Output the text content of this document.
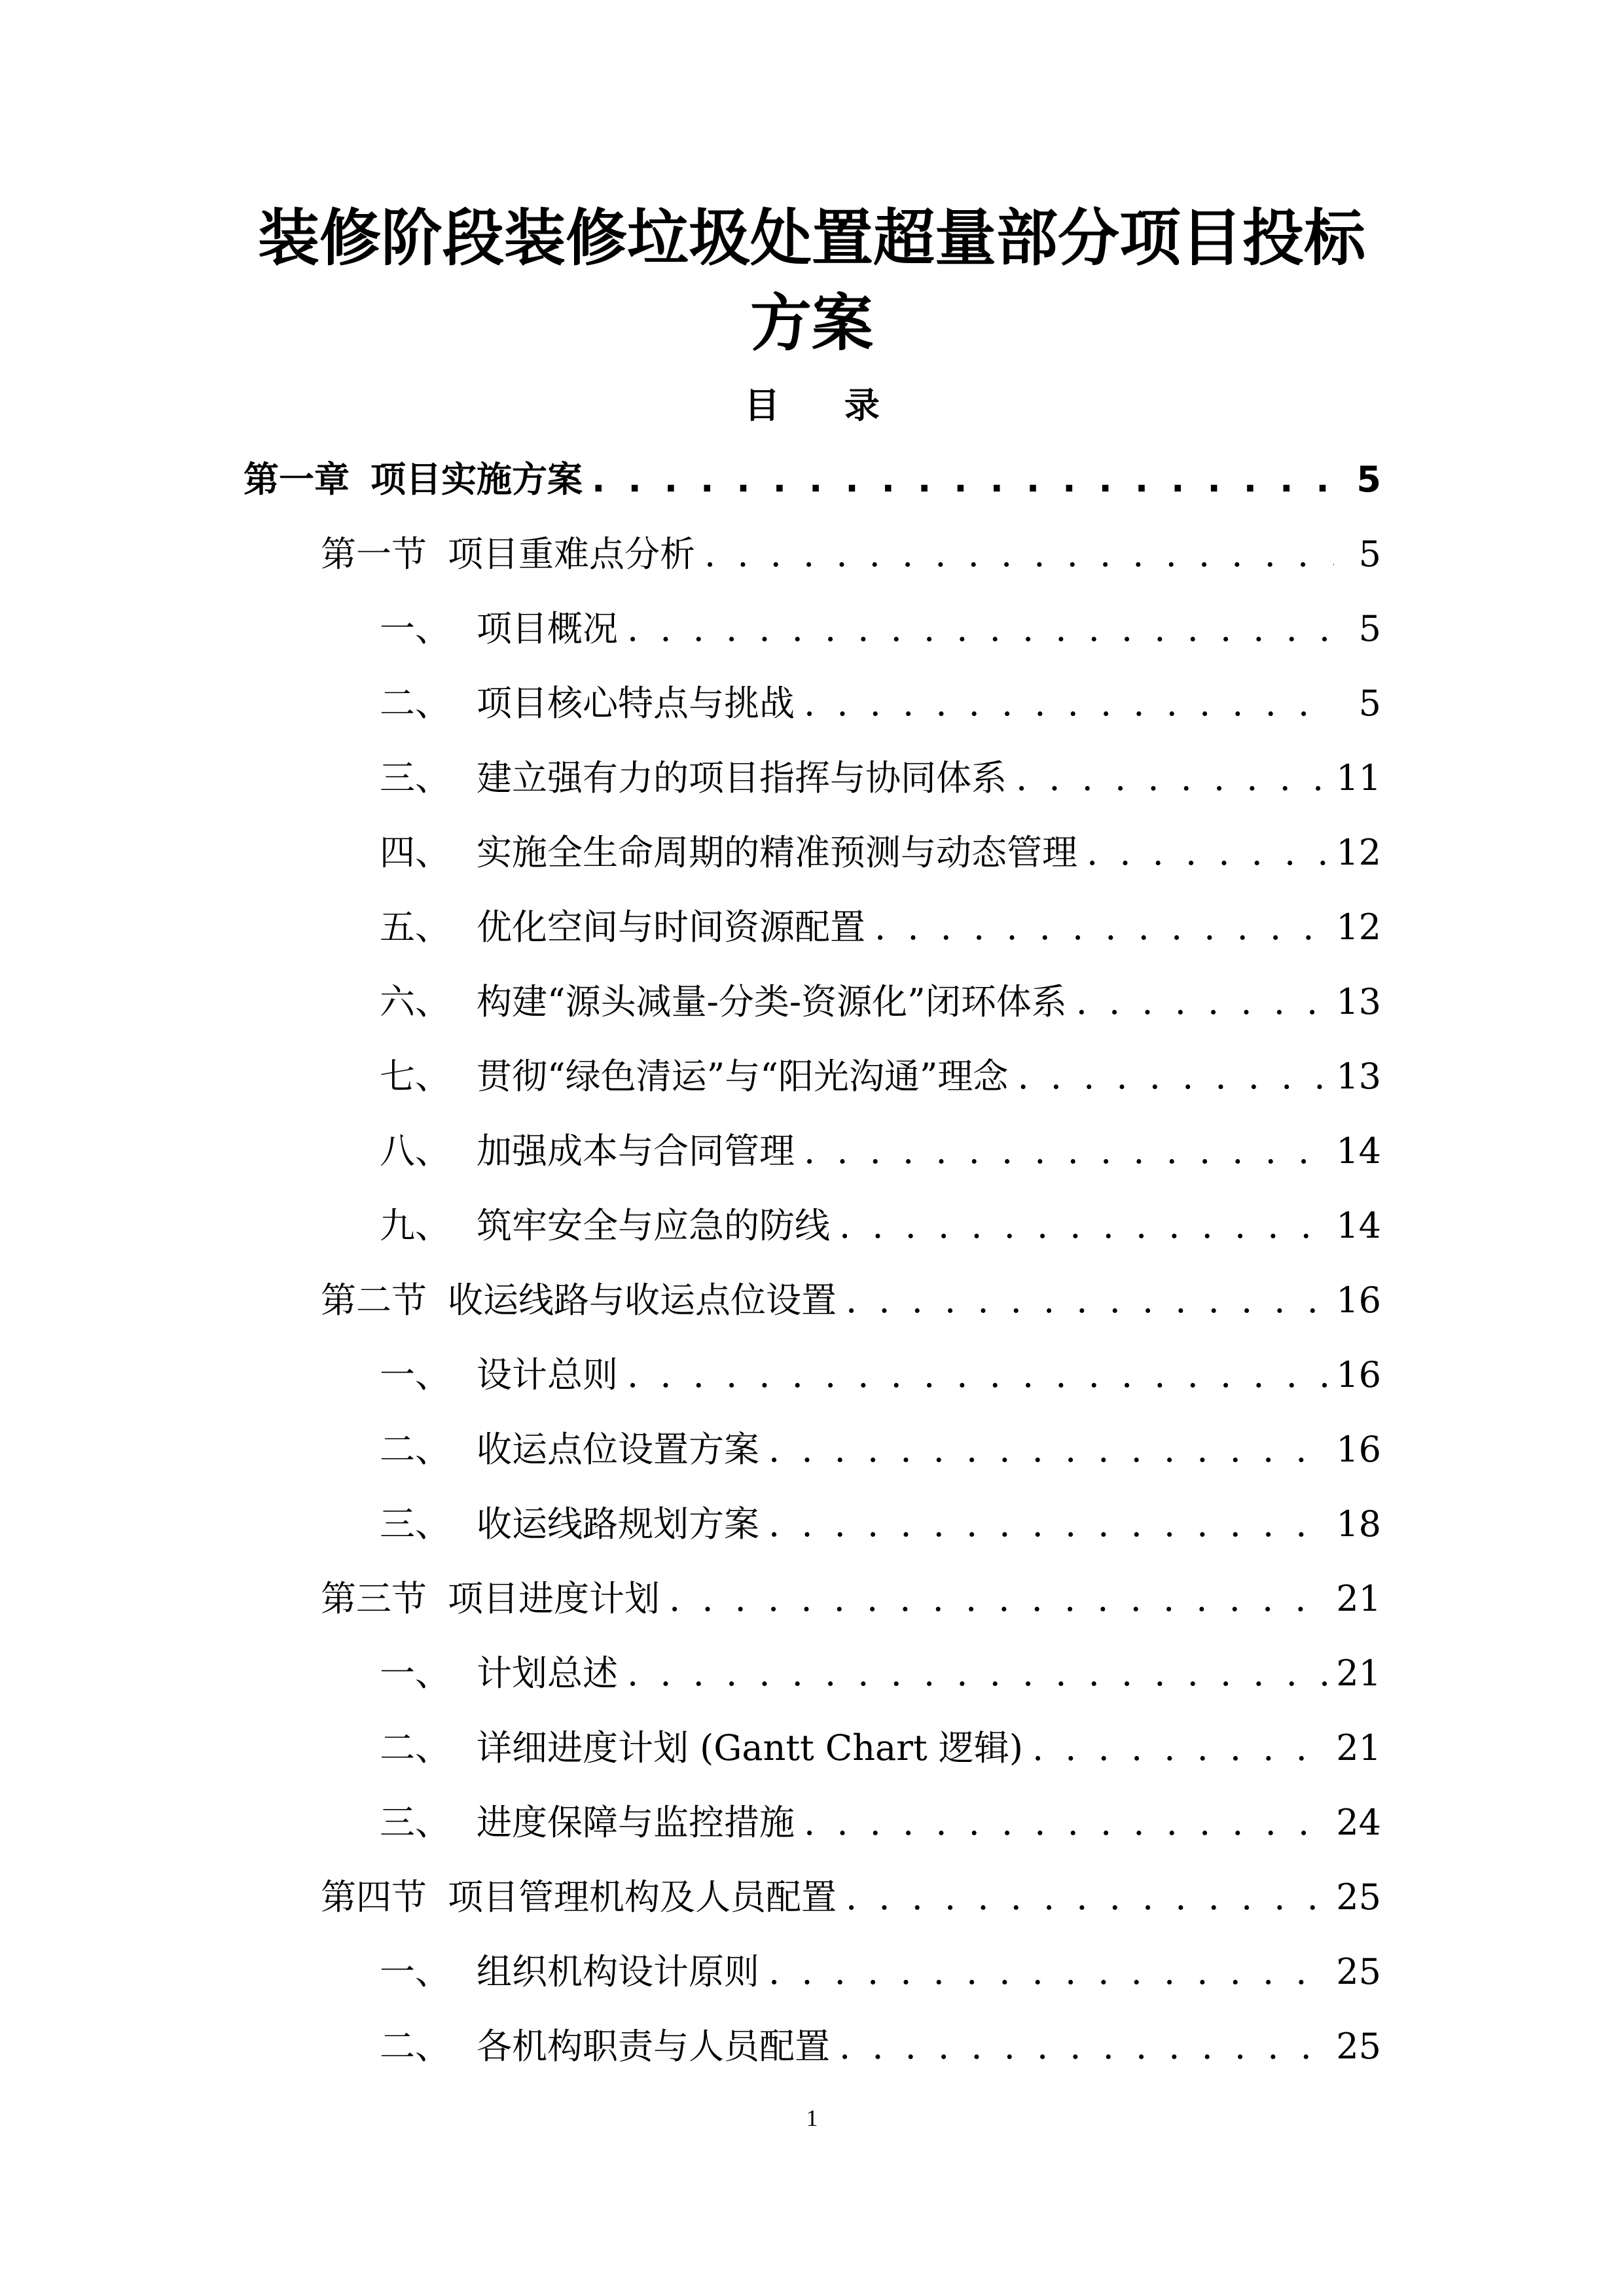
装修阶段装修垃圾处置超量部分项目投标
方案
目 录
第一章 项目实施方案 . . .	5
第一节 项目重难点分析 . . .	5
一、 项目概况 . . .	5
二、 项目核心特点与挑战 . . .	5
三、 建立强有力的项目指挥与协同体系 . . .	11
四、 实施全生命周期的精准预测与动态管理 . . .	12
五、 优化空间与时间资源配置 . . .	12
六、 构建“源头减量-分类-资源化”闭环体系 . . .	13
七、 贯彻“绿色清运”与“阳光沟通”理念 . . .	13
八、 加强成本与合同管理 . . .	14
九、 筑牢安全与应急的防线 . . .	14
第二节 收运线路与收运点位设置 . . .	16
一、 设计总则 . . .	16
二、 收运点位设置方案 . . .	16
三、 收运线路规划方案 . . .	18
第三节 项目进度计划 . . .	21
一、 计划总述 . . .	21
二、 详细进度计划 (Gantt Chart 逻辑) . . .	21
三、 进度保障与监控措施 . . .	24
第四节 项目管理机构及人员配置 . . .	25
一、 组织机构设计原则 . . .	25
二、 各机构职责与人员配置 . . .	25
1
